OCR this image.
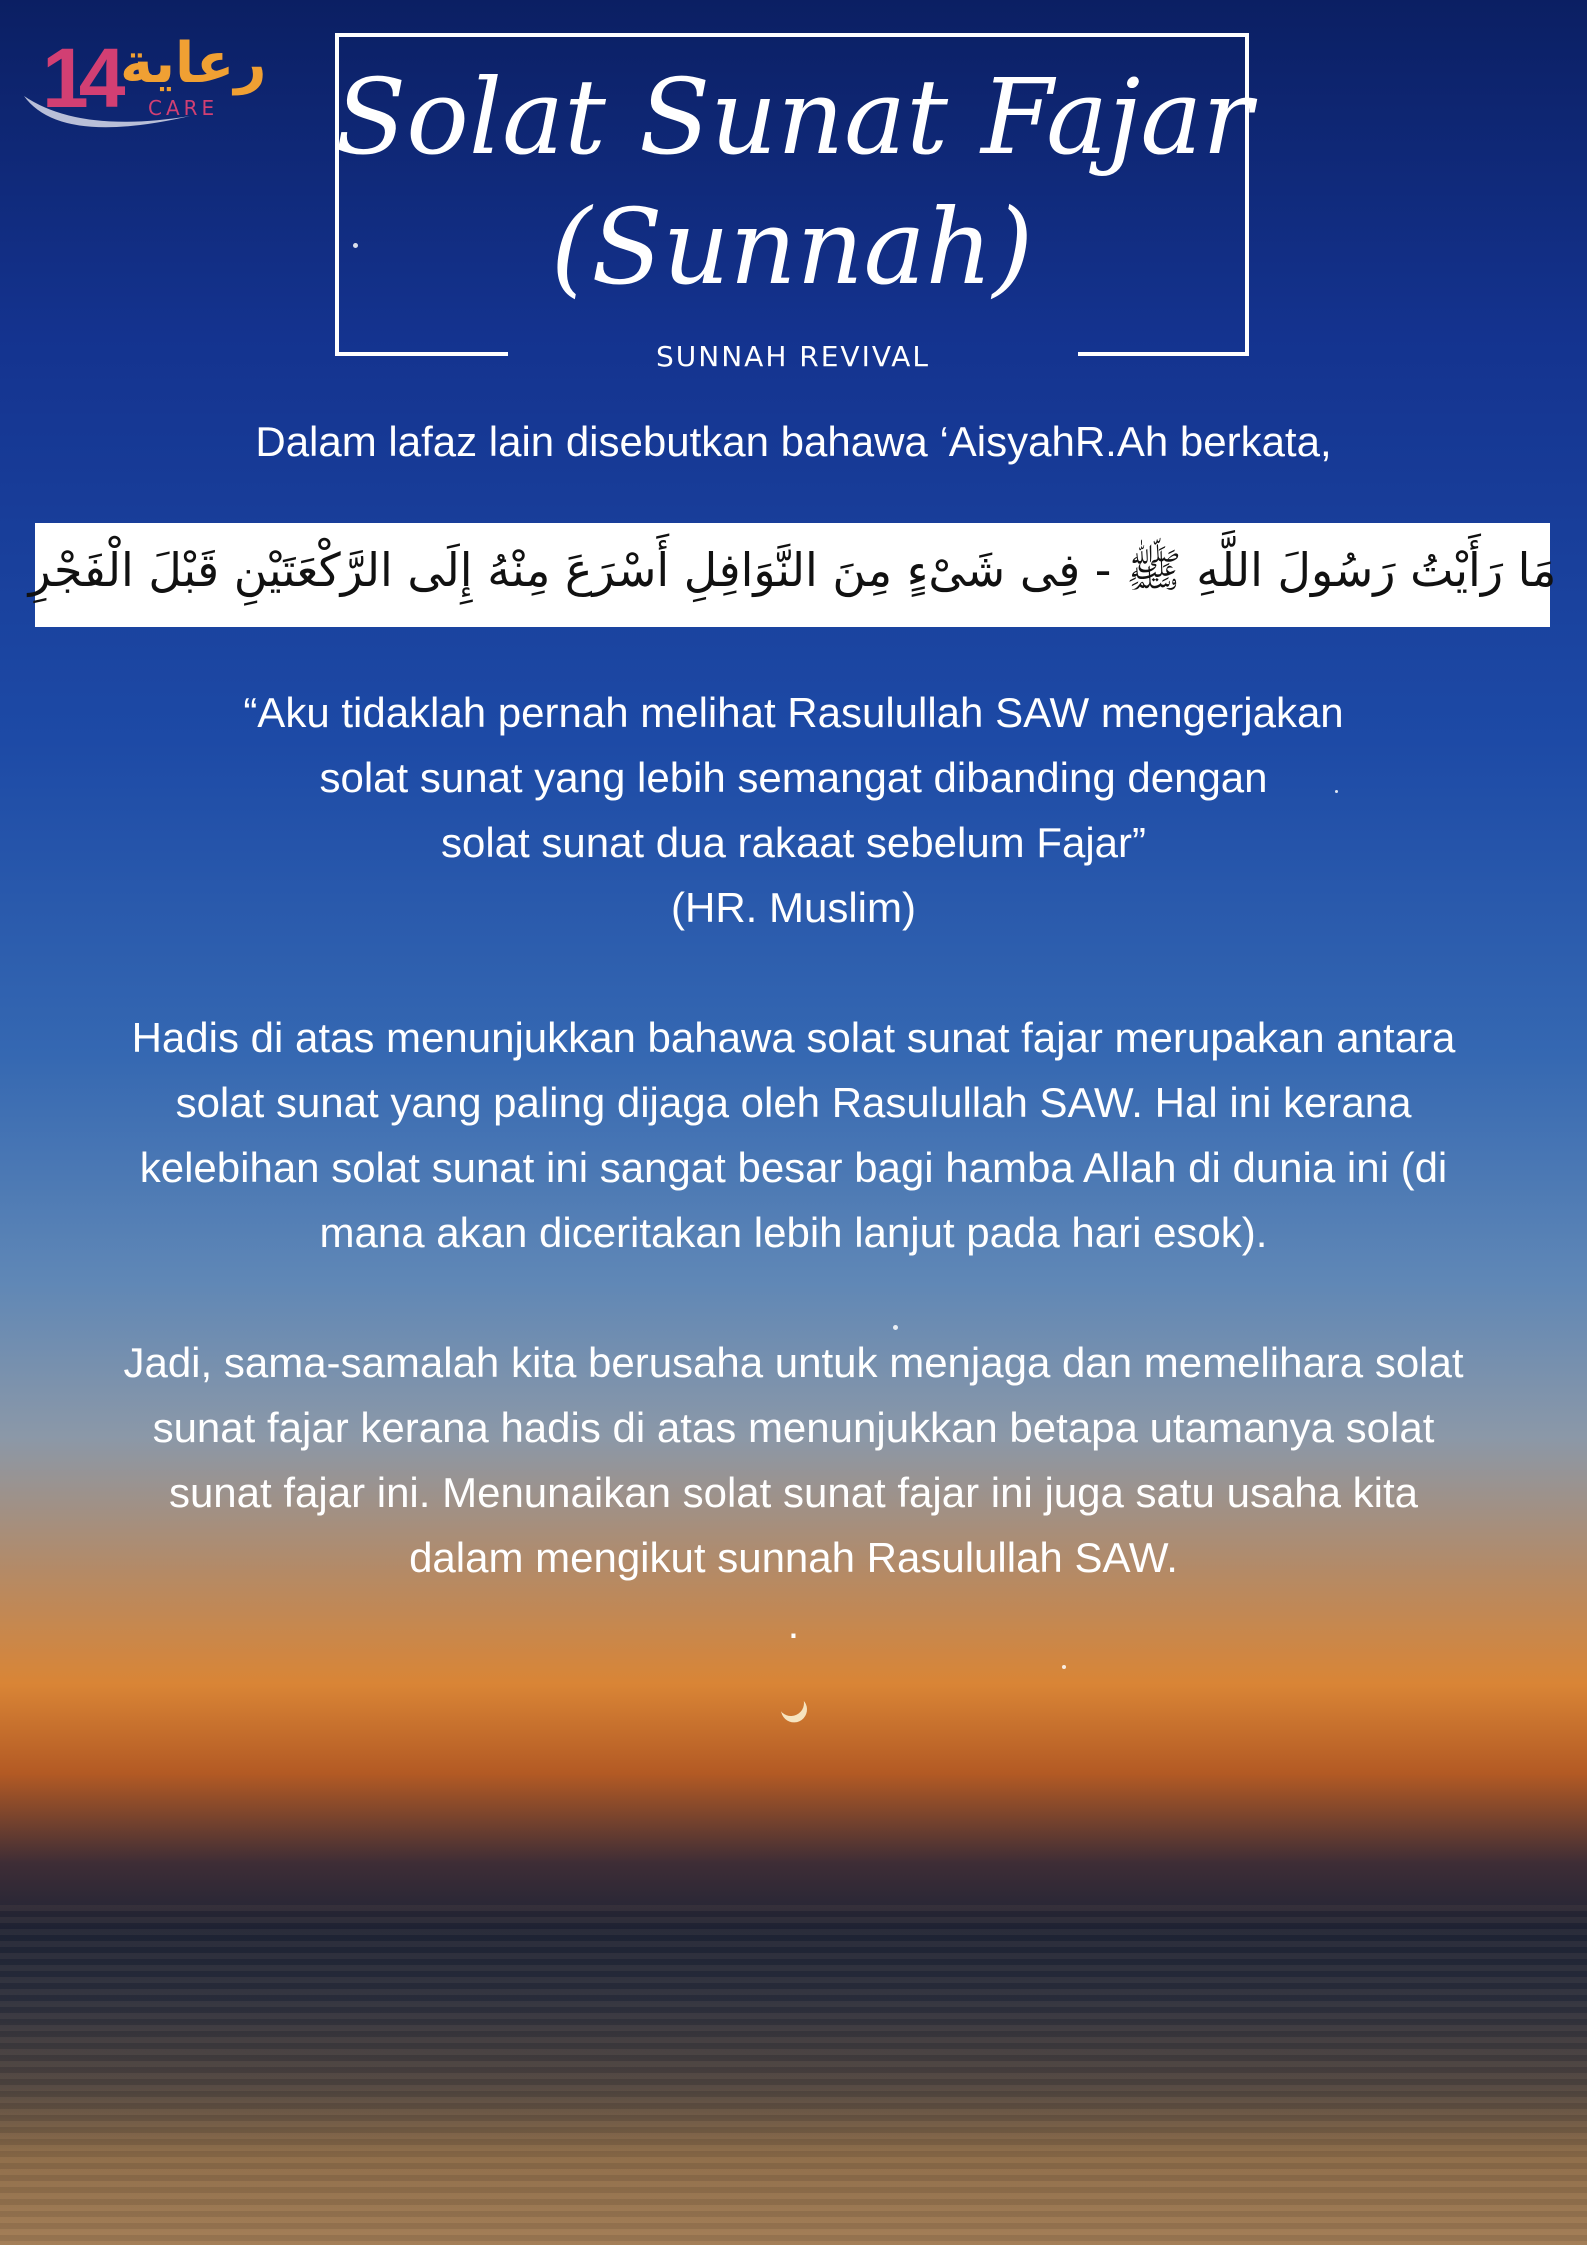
14 رعاية
CARE Solat Sunat Fajar
(Sunnah)
SUNNAH REVIVAL
Dalam lafaz lain disebutkan bahawa ‘AisyahR.Ah berkata,
مَا رَأَيْتُ رَسُولَ اللَّهِ ﷺ - فِى شَىْءٍ مِنَ النَّوَافِلِ أَسْرَعَ مِنْهُ إِلَى الرَّكْعَتَيْنِ قَبْلَ الْفَجْرِ
“Aku tidaklah pernah melihat Rasulullah SAW mengerjakan
solat sunat yang lebih semangat dibanding dengan
solat sunat dua rakaat sebelum Fajar”
(HR. Muslim)
Hadis di atas menunjukkan bahawa solat sunat fajar merupakan antara
solat sunat yang paling dijaga oleh Rasulullah SAW. Hal ini kerana
kelebihan solat sunat ini sangat besar bagi hamba Allah di dunia ini (di
mana akan diceritakan lebih lanjut pada hari esok).
Jadi, sama-samalah kita berusaha untuk menjaga dan memelihara solat
sunat fajar kerana hadis di atas menunjukkan betapa utamanya solat
sunat fajar ini. Menunaikan solat sunat fajar ini juga satu usaha kita
dalam mengikut sunnah Rasulullah SAW.
.
